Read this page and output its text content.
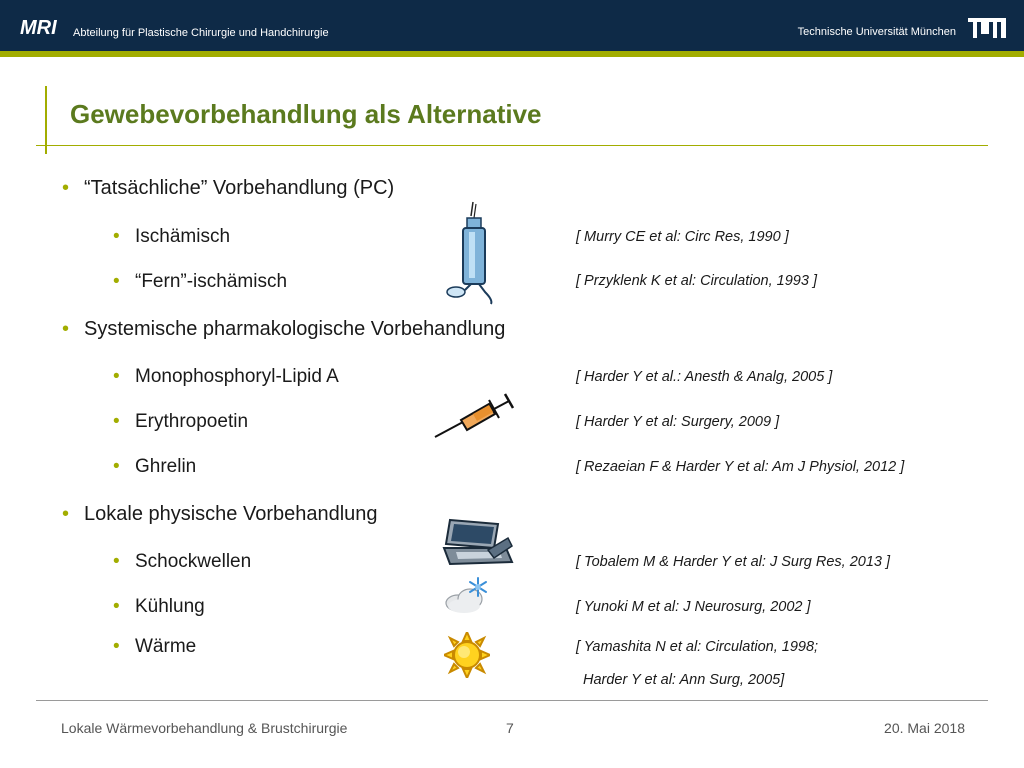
MRI Abteilung für Plastische Chirurgie und Handchirurgie	Technische Universität München
Gewebevorbehandlung als Alternative
• “Tatsächliche” Vorbehandlung (PC)
• Ischämisch	[ Murry CE et al: Circ Res, 1990 ]
• “Fern”-ischämisch	[ Przyklenk K et al: Circulation, 1993 ]
• Systemische pharmakologische Vorbehandlung
• Monophosphoryl-Lipid A	[ Harder Y et al.: Anesth & Analg, 2005 ]
• Erythropoetin	[ Harder Y et al: Surgery, 2009 ]
• Ghrelin	[ Rezaeian F & Harder Y et al: Am J Physiol, 2012 ]
• Lokale physische Vorbehandlung
• Schockwellen	[ Tobalem M & Harder Y et al: J Surg Res, 2013 ]
• Kühlung	[ Yunoki M et al: J Neurosurg, 2002 ]
• Wärme	[ Yamashita N et al: Circulation, 1998;
Harder Y et al: Ann Surg, 2005]
Lokale Wärmevorbehandlung & Brustchirurgie	7	20. Mai 2018
